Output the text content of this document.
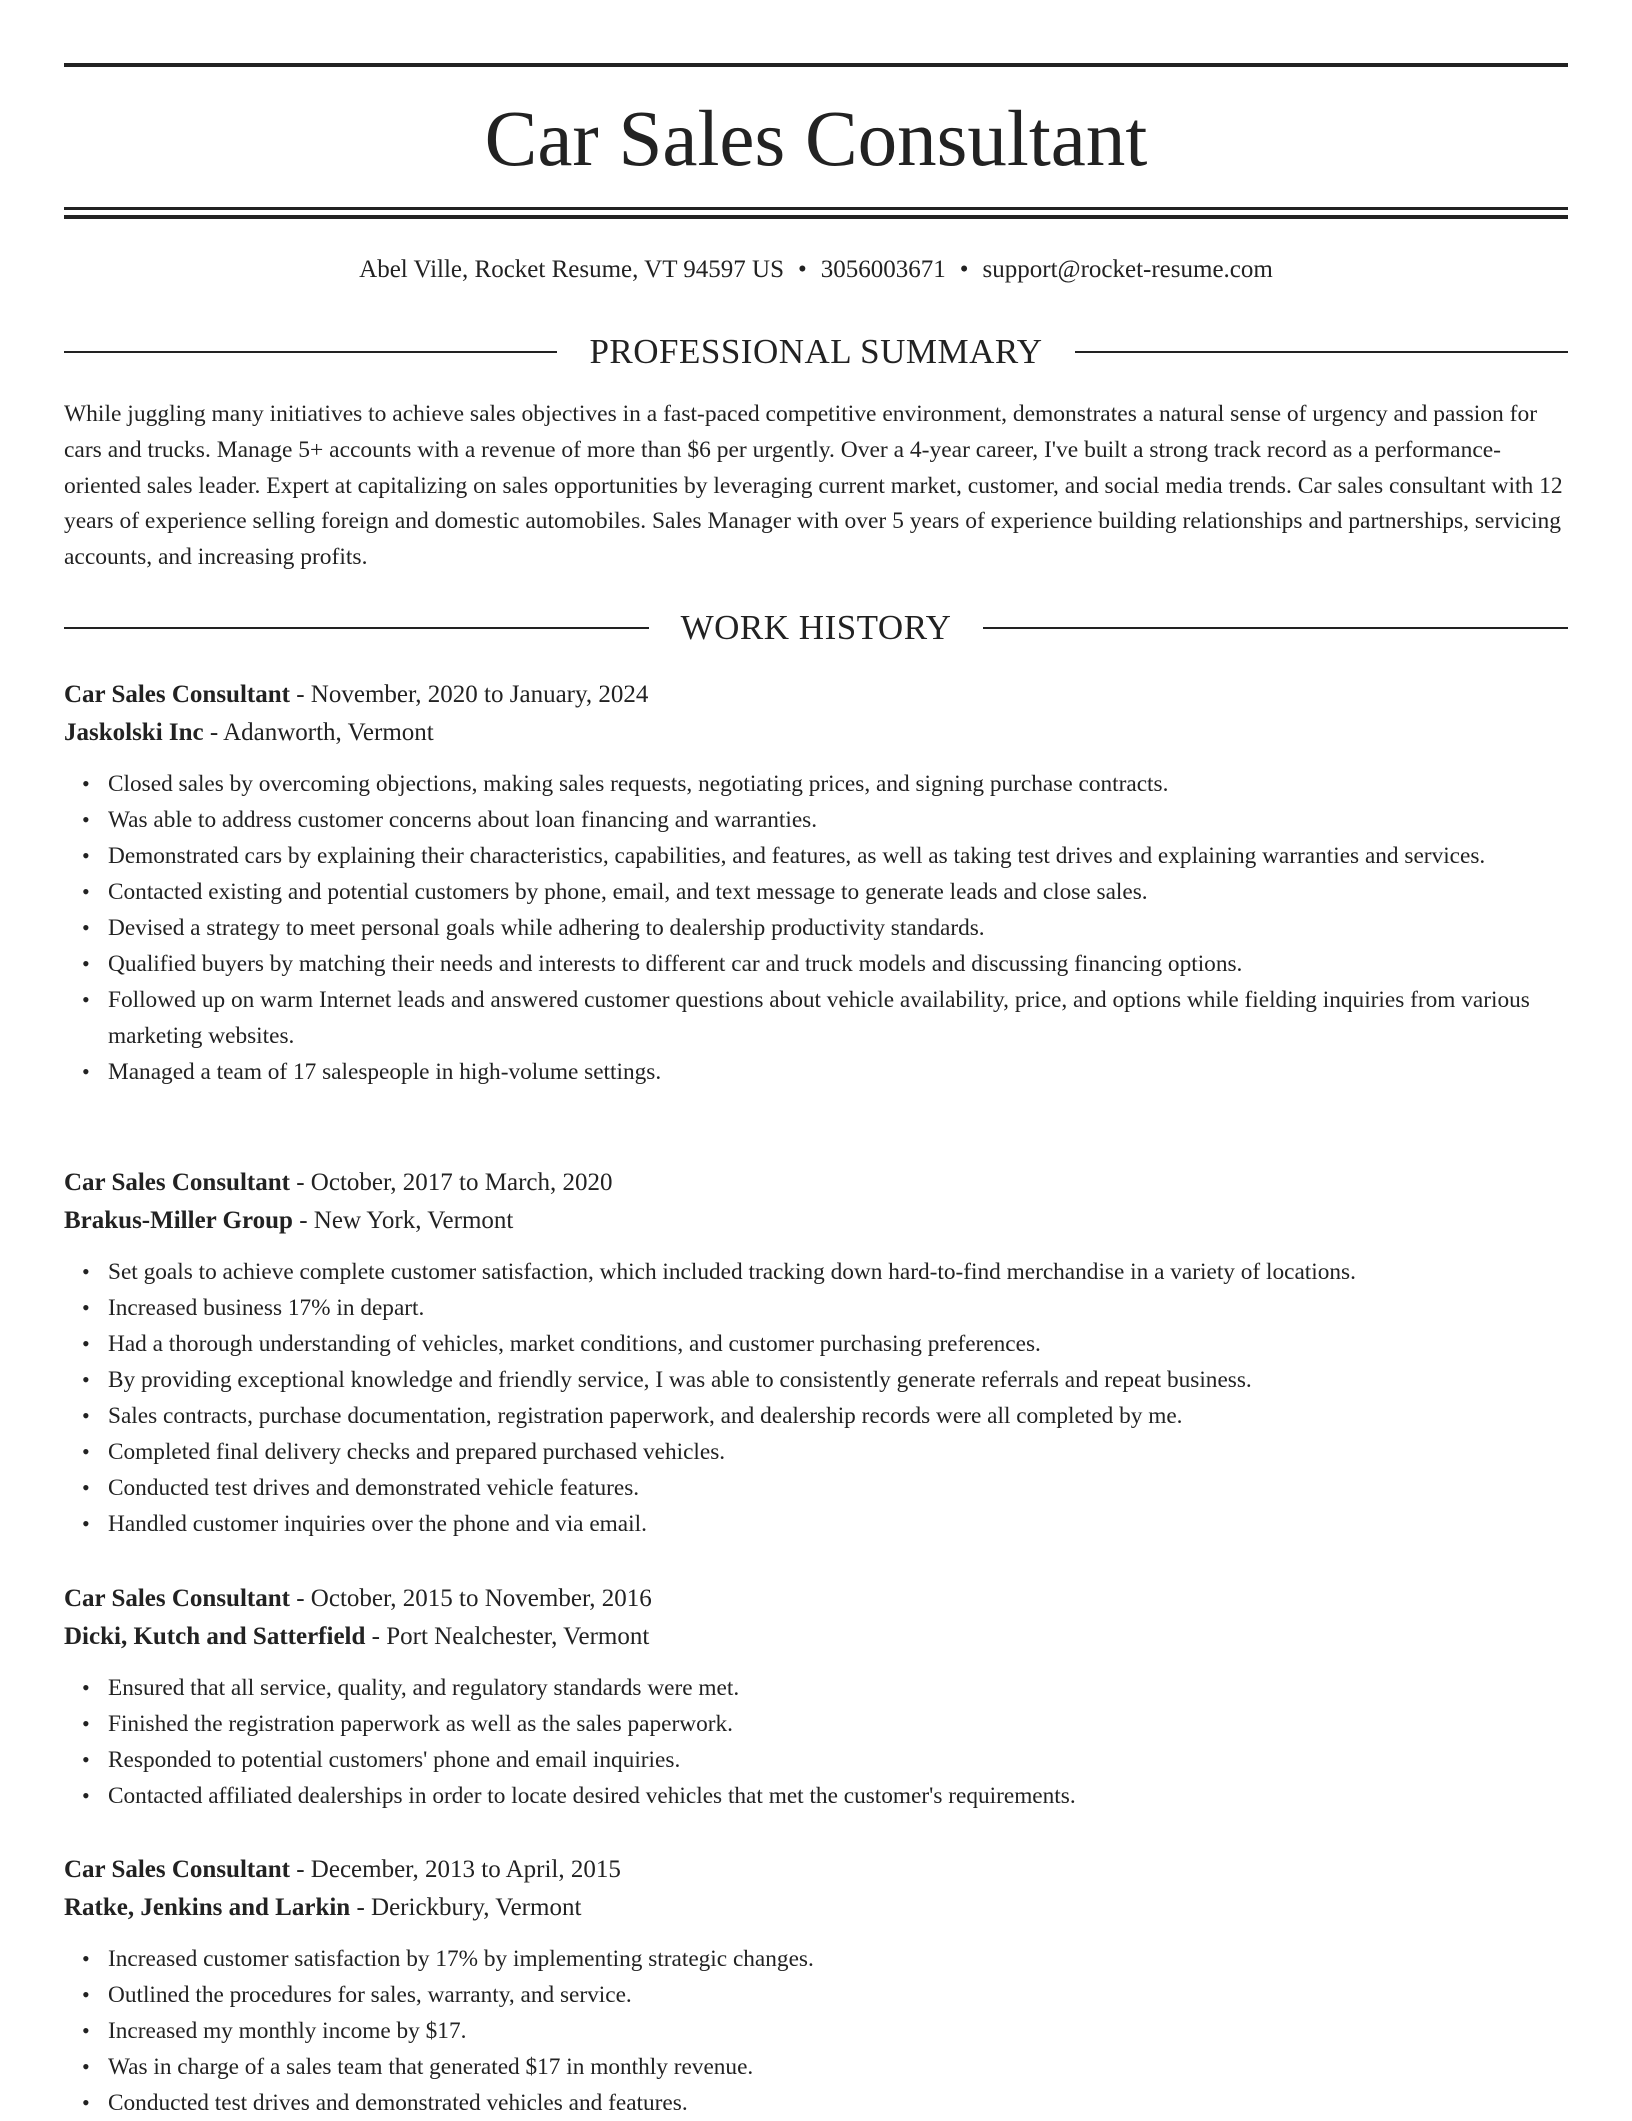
Car Sales Consultant
Abel Ville, Rocket Resume, VT 94597 US • 3056003671 • support@rocket-resume.com
PROFESSIONAL SUMMARY

While juggling many initiatives to achieve sales objectives in a fast-paced competitive environment, demonstrates a natural sense of urgency and passion for cars and trucks. Manage 5+ accounts with a revenue of more than $6 per urgently. Over a 4-year career, I've built a strong track record as a performance-oriented sales leader. Expert at capitalizing on sales opportunities by leveraging current market, customer, and social media trends. Car sales consultant with 12 years of experience selling foreign and domestic automobiles. Sales Manager with over 5 years of experience building relationships and partnerships, servicing accounts, and increasing profits.

WORK HISTORY
Car Sales Consultant - November, 2020 to January, 2024
Jaskolski Inc - Adanworth, Vermont
• Closed sales by overcoming objections, making sales requests, negotiating prices, and signing purchase contracts.
• Was able to address customer concerns about loan financing and warranties.
• Demonstrated cars by explaining their characteristics, capabilities, and features, as well as taking test drives and explaining warranties and services.
• Contacted existing and potential customers by phone, email, and text message to generate leads and close sales.
• Devised a strategy to meet personal goals while adhering to dealership productivity standards.
• Qualified buyers by matching their needs and interests to different car and truck models and discussing financing options.
• Followed up on warm Internet leads and answered customer questions about vehicle availability, price, and options while fielding inquiries from various marketing websites.
• Managed a team of 17 salespeople in high-volume settings.
Car Sales Consultant - October, 2017 to March, 2020
Brakus-Miller Group - New York, Vermont
• Set goals to achieve complete customer satisfaction, which included tracking down hard-to-find merchandise in a variety of locations.
• Increased business 17% in depart.
• Had a thorough understanding of vehicles, market conditions, and customer purchasing preferences.
• By providing exceptional knowledge and friendly service, I was able to consistently generate referrals and repeat business.
• Sales contracts, purchase documentation, registration paperwork, and dealership records were all completed by me.
• Completed final delivery checks and prepared purchased vehicles.
• Conducted test drives and demonstrated vehicle features.
• Handled customer inquiries over the phone and via email.
Car Sales Consultant - October, 2015 to November, 2016
Dicki, Kutch and Satterfield - Port Nealchester, Vermont
• Ensured that all service, quality, and regulatory standards were met.
• Finished the registration paperwork as well as the sales paperwork.
• Responded to potential customers' phone and email inquiries.
• Contacted affiliated dealerships in order to locate desired vehicles that met the customer's requirements.
Car Sales Consultant - December, 2013 to April, 2015
Ratke, Jenkins and Larkin - Derickbury, Vermont
• Increased customer satisfaction by 17% by implementing strategic changes.
• Outlined the procedures for sales, warranty, and service.
• Increased my monthly income by $17.
• Was in charge of a sales team that generated $17 in monthly revenue.
• Conducted test drives and demonstrated vehicles and features.
